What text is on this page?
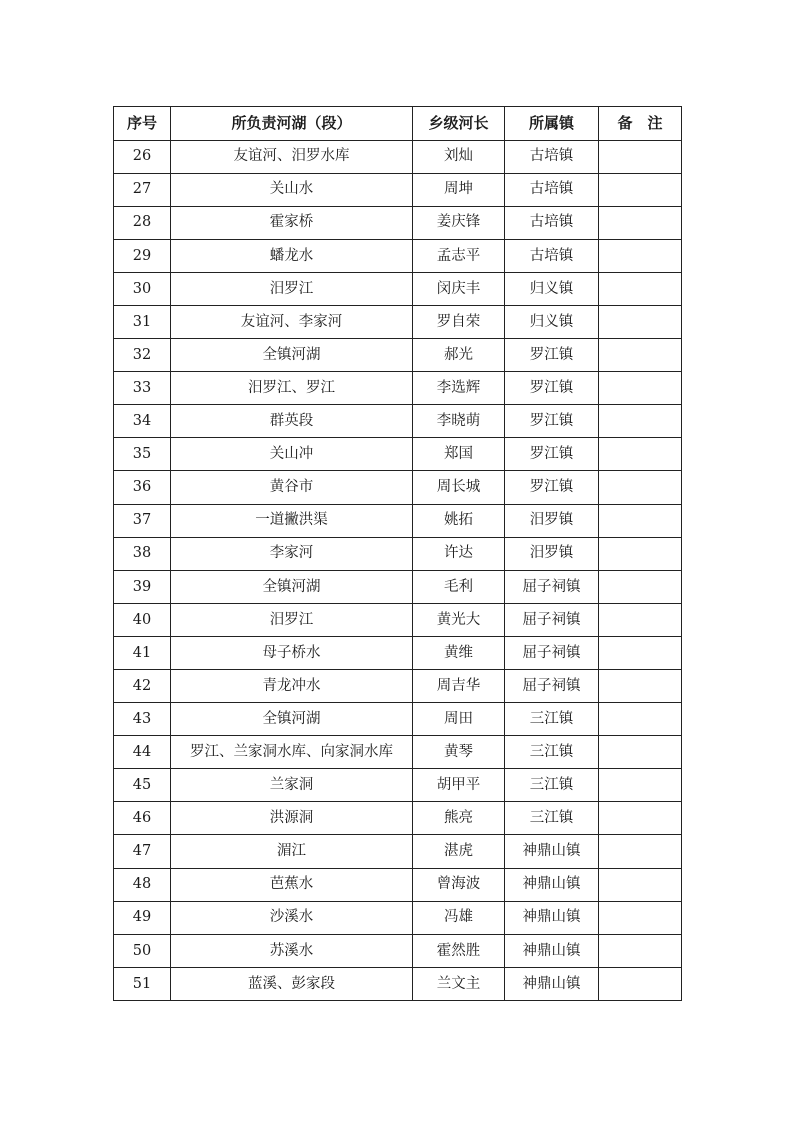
序号	所负责河湖（段）	乡级河长	所属镇	备　注
26	友谊河、汨罗水库	刘灿	古培镇	
27	关山水	周坤	古培镇	
28	霍家桥	姜庆锋	古培镇	
29	蟠龙水	孟志平	古培镇	
30	汨罗江	闵庆丰	归义镇	
31	友谊河、李家河	罗自荣	归义镇	
32	全镇河湖	郝光	罗江镇	
33	汨罗江、罗江	李选辉	罗江镇	
34	群英段	李晓萌	罗江镇	
35	关山冲	郑国	罗江镇	
36	黄谷市	周长城	罗江镇	
37	一道撇洪渠	姚拓	汨罗镇	
38	李家河	许达	汨罗镇	
39	全镇河湖	毛利	屈子祠镇	
40	汨罗江	黄光大	屈子祠镇	
41	母子桥水	黄维	屈子祠镇	
42	青龙冲水	周吉华	屈子祠镇	
43	全镇河湖	周田	三江镇	
44	罗江、兰家洞水库、向家洞水库	黄琴	三江镇	
45	兰家洞	胡甲平	三江镇	
46	洪源洞	熊亮	三江镇	
47	湄江	湛虎	神鼎山镇	
48	芭蕉水	曾海波	神鼎山镇	
49	沙溪水	冯雄	神鼎山镇	
50	苏溪水	霍然胜	神鼎山镇	
51	蓝溪、彭家段	兰文主	神鼎山镇	
